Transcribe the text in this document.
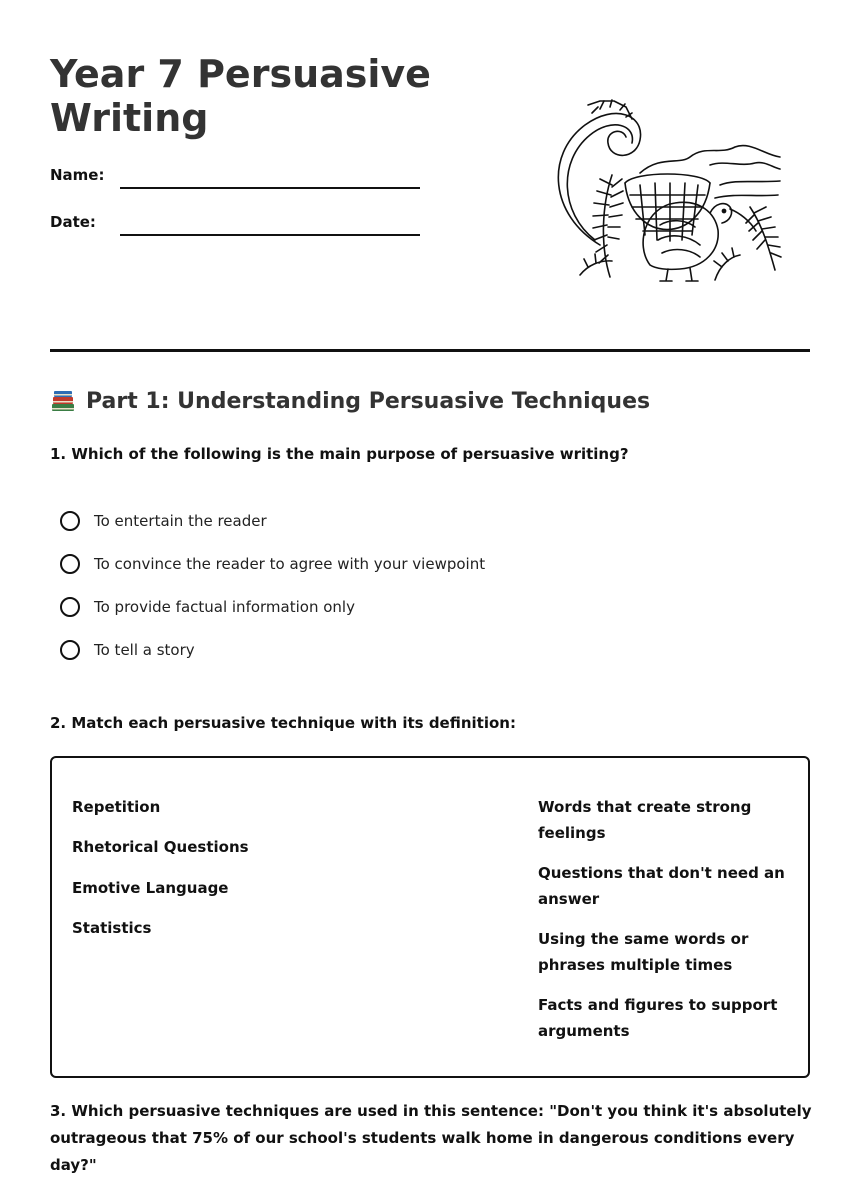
Year 7 Persuasive Writing
Name:
Date:
Part 1: Understanding Persuasive Techniques
1. Which of the following is the main purpose of persuasive writing?
To entertain the reader
To convince the reader to agree with your viewpoint
To provide factual information only
To tell a story
2. Match each persuasive technique with its definition:
Repetition
Rhetorical Questions
Emotive Language
Statistics
Words that create strong feelings
Questions that don't need an answer
Using the same words or phrases multiple times
Facts and figures to support arguments
3. Which persuasive techniques are used in this sentence: "Don't you think it's absolutely outrageous that 75% of our school's students walk home in dangerous conditions every day?"
